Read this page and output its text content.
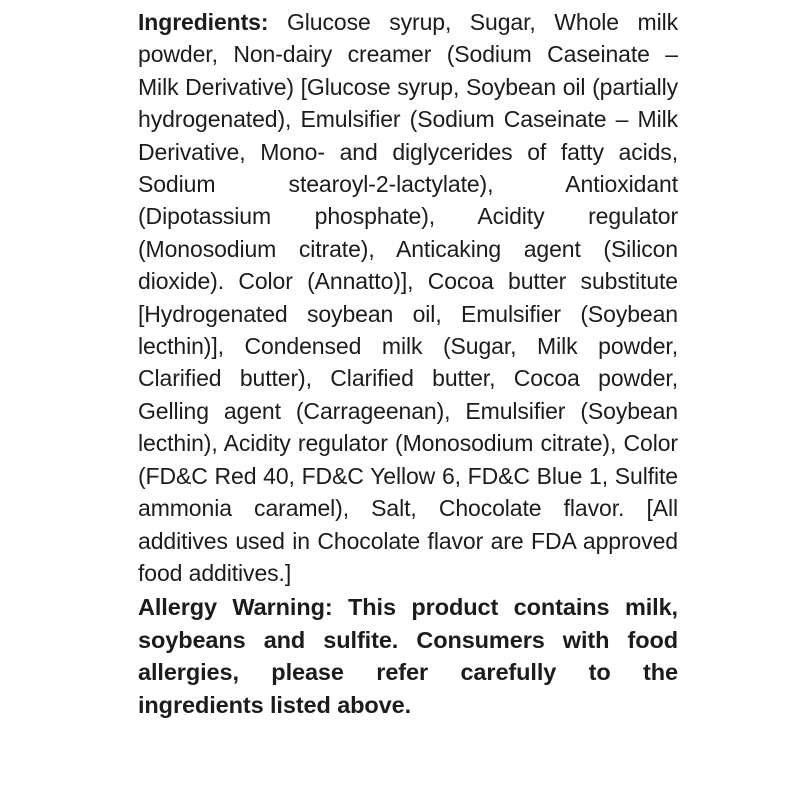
Ingredients: Glucose syrup, Sugar, Whole milk powder, Non-dairy creamer (Sodium Caseinate – Milk Derivative) [Glucose syrup, Soybean oil (partially hydrogenated), Emulsifier (Sodium Caseinate – Milk Derivative, Mono- and diglycerides of fatty acids, Sodium stearoyl-2-lactylate), Antioxidant (Dipotassium phosphate), Acidity regulator (Monosodium citrate), Anticaking agent (Silicon dioxide). Color (Annatto)], Cocoa butter substitute [Hydrogenated soybean oil, Emulsifier (Soybean lecthin)], Condensed milk (Sugar, Milk powder, Clarified butter), Clarified butter, Cocoa powder, Gelling agent (Carrageenan), Emulsifier (Soybean lecthin), Acidity regulator (Monosodium citrate), Color (FD&C Red 40, FD&C Yellow 6, FD&C Blue 1, Sulfite ammonia caramel), Salt, Chocolate flavor. [All additives used in Chocolate flavor are FDA approved food additives.]

Allergy Warning: This product contains milk, soybeans and sulfite. Consumers with food allergies, please refer carefully to the ingredients listed above.
